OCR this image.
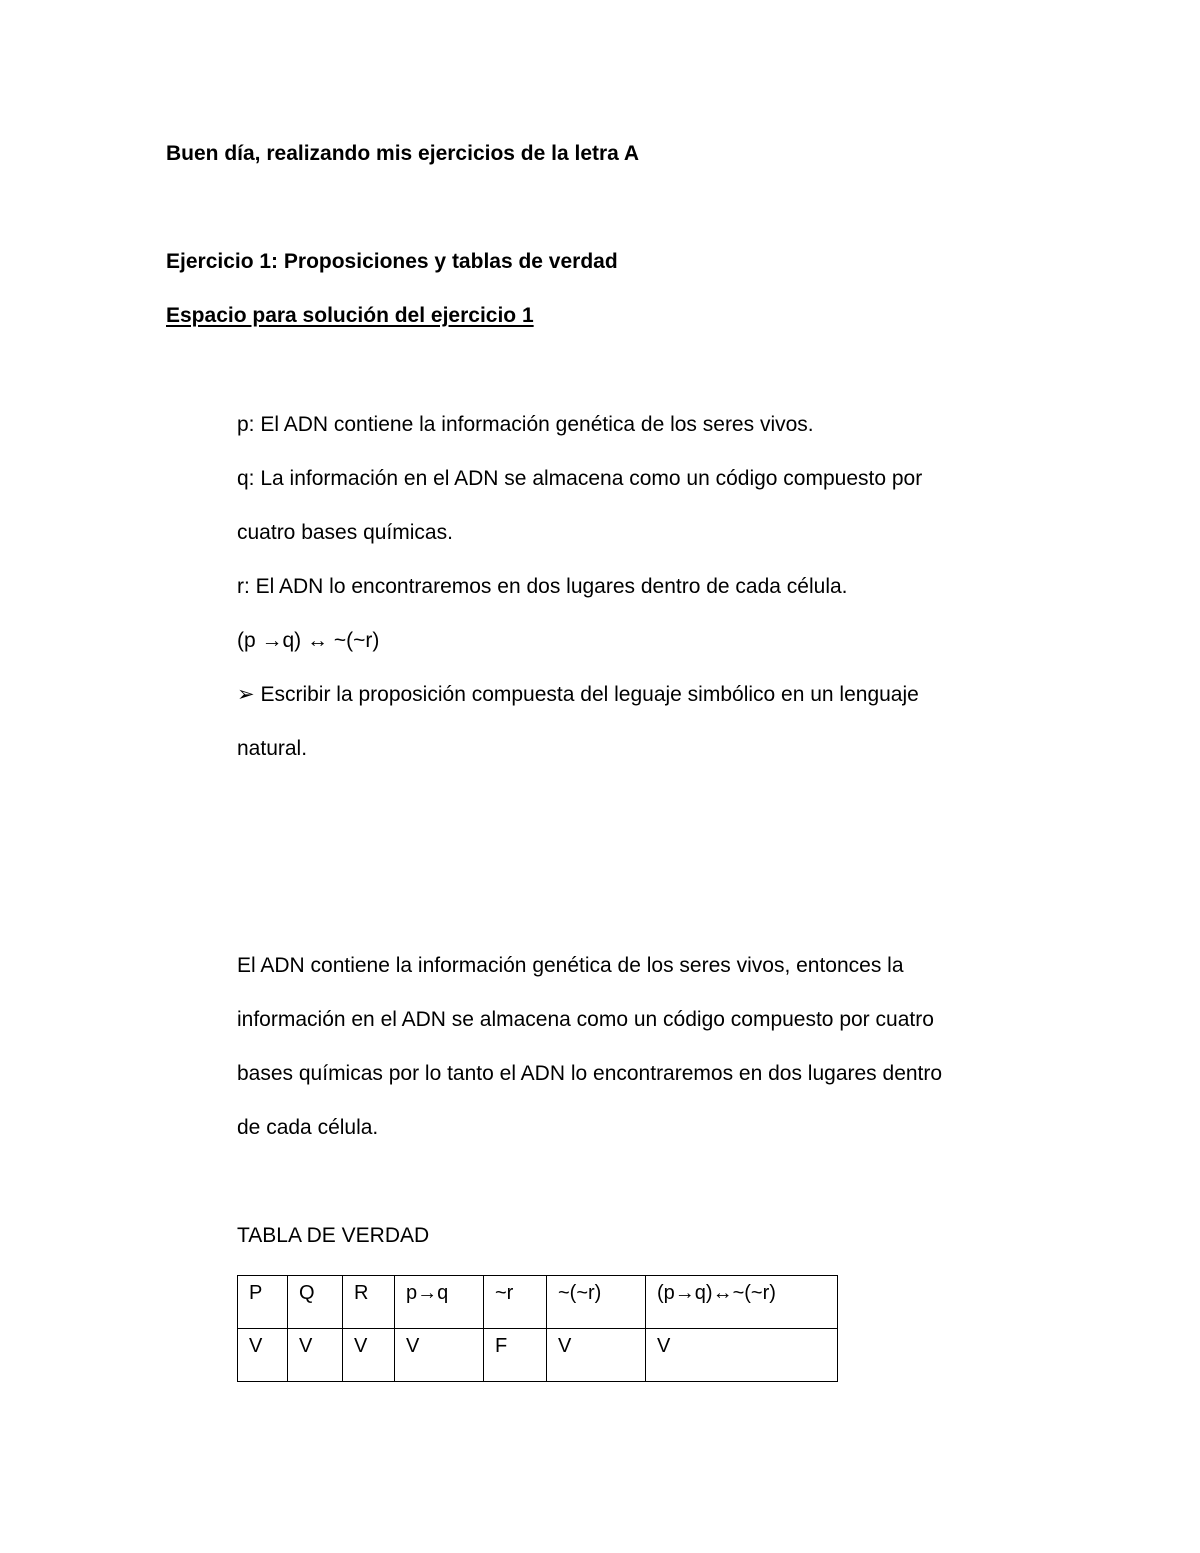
Buen día, realizando mis ejercicios de la letra A
Ejercicio 1: Proposiciones y tablas de verdad
Espacio para solución del ejercicio 1
p: El ADN contiene la información genética de los seres vivos.
q: La información en el ADN se almacena como un código compuesto por
cuatro bases químicas.
r: El ADN lo encontraremos en dos lugares dentro de cada célula.
(p →q) ↔ ~(~r)
➢ Escribir la proposición compuesta del leguaje simbólico en un lenguaje
natural.
El ADN contiene la información genética de los seres vivos, entonces la
información en el ADN se almacena como un código compuesto por cuatro
bases químicas por lo tanto el ADN lo encontraremos en dos lugares dentro
de cada célula.
TABLA DE VERDAD
P	Q	R	p→q	~r	~(~r)	(p→q)↔~(~r)
V	V	V	V	F	V	V
